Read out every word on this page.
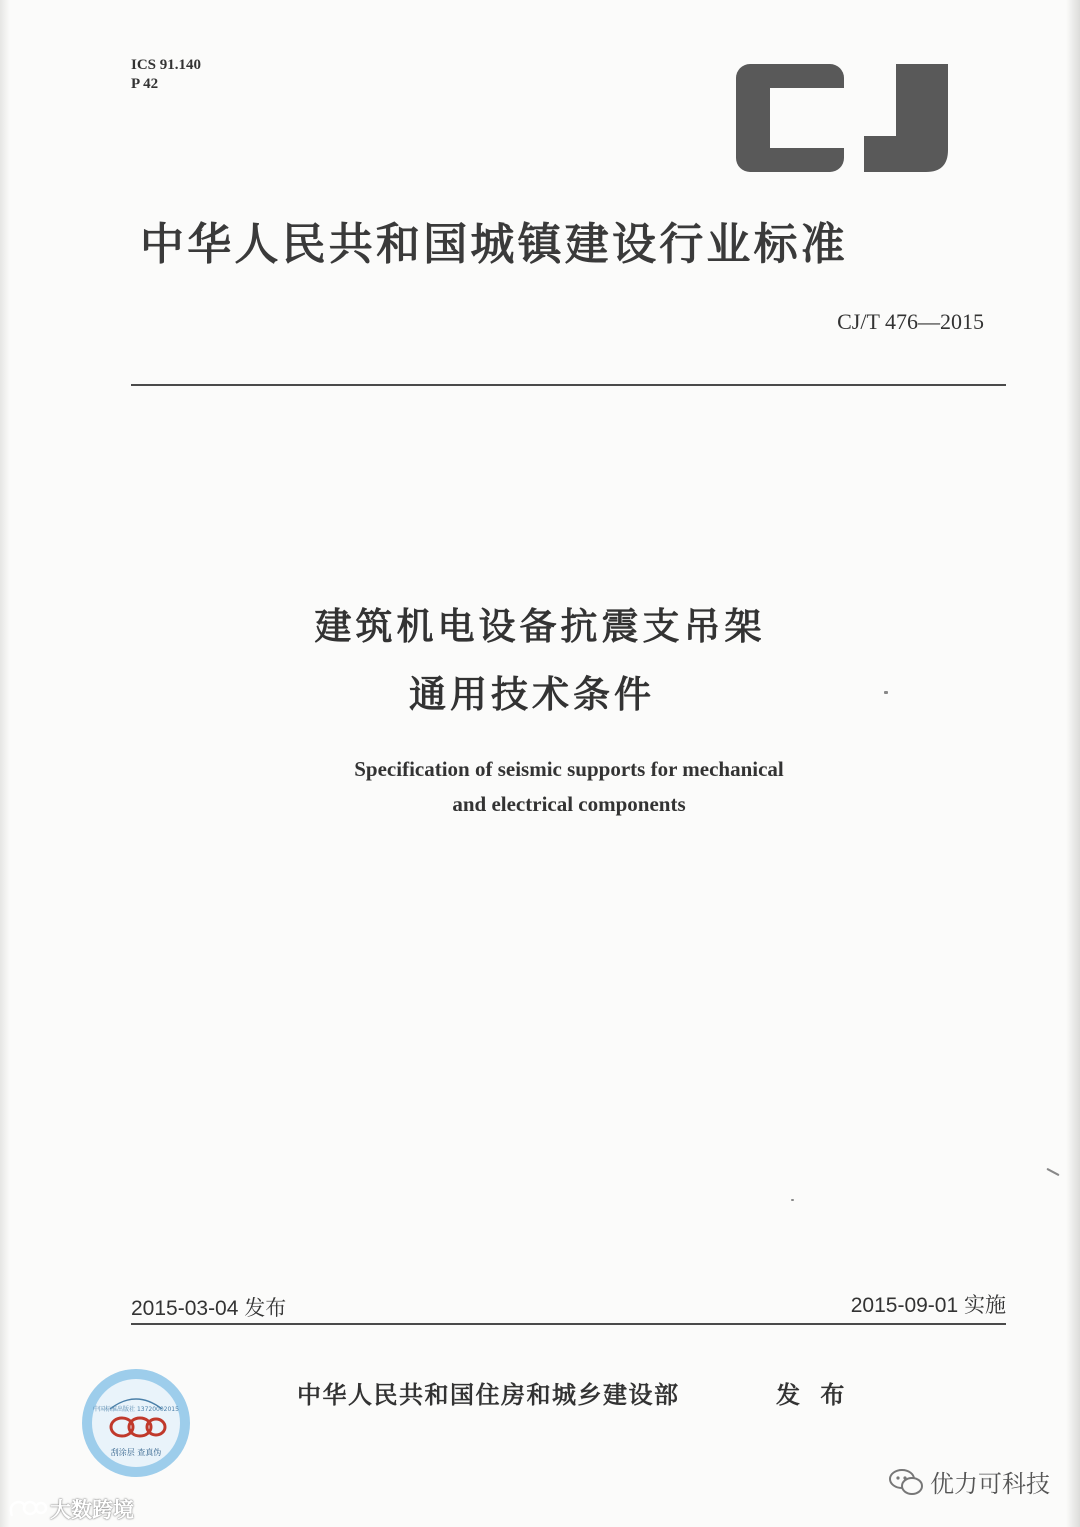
ICS 91.140
P 42
中华人民共和国城镇建设行业标准
CJ/T 476—2015
建筑机电设备抗震支吊架
通用技术条件
Specification of seismic supports for mechanical
and electrical components
2015-03-04 发布	2015-09-01 实施
中华人民共和国住房和城乡建设部	发 布
中国标准出版社 13720002015
刮涂层 查真伪
优力可科技
大数跨境
